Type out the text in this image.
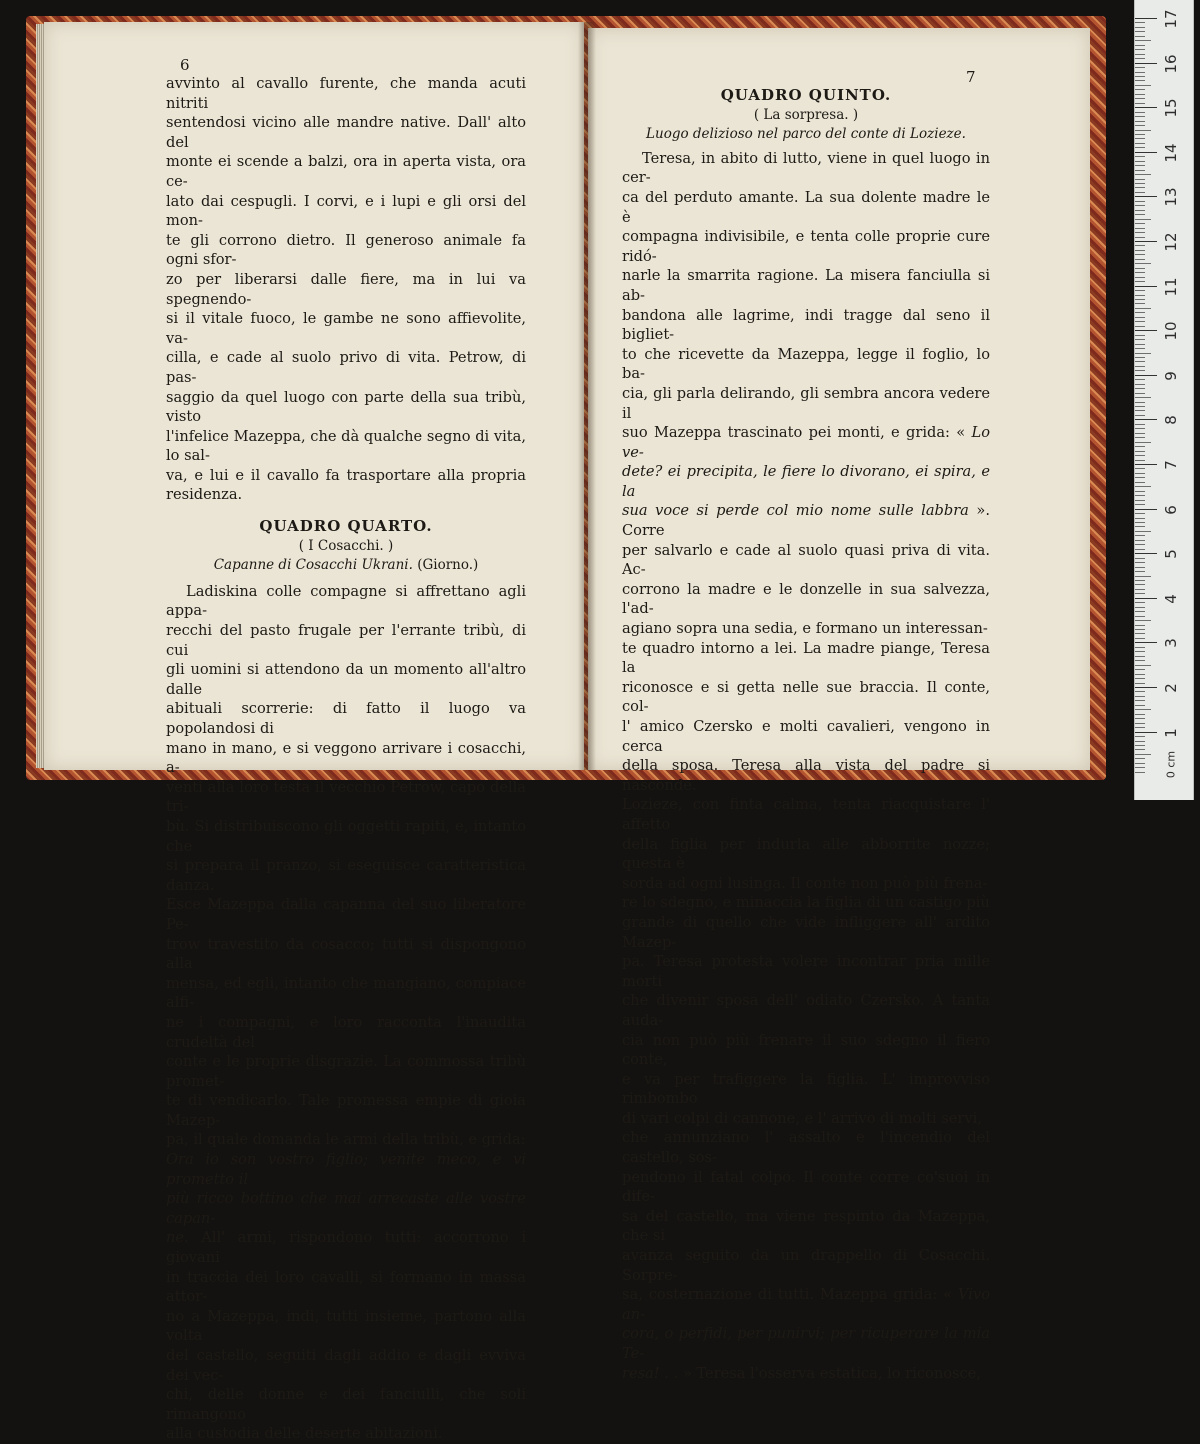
6

avvinto al cavallo furente, che manda acuti nitriti

sentendosi vicino alle mandre native. Dall' alto del

monte ei scende a balzi, ora in aperta vista, ora ce-

lato dai cespugli. I corvi, e i lupi e gli orsi del mon-

te gli corrono dietro. Il generoso animale fa ogni sfor-

zo per liberarsi dalle fiere, ma in lui va spegnendo-

si il vitale fuoco, le gambe ne sono affievolite, va-

cilla, e cade al suolo privo di vita. Petrow, di pas-

saggio da quel luogo con parte della sua tribù, visto

l'infelice Mazeppa, che dà qualche segno di vita, lo sal-

va, e lui e il cavallo fa trasportare alla propria residenza.

QUADRO QUARTO.

( I Cosacchi. )

Capanne di Cosacchi Ukrani. (Giorno.)

Ladiskina colle compagne si affrettano agli appa-

recchi del pasto frugale per l'errante tribù, di cui

gli uomini si attendono da un momento all'altro dalle

abituali scorrerie: di fatto il luogo va popolandosi di

mano in mano, e si veggono arrivare i cosacchi, a-

venti alla loro testa il vecchio Petrow, capo della tri-

bù. Si distribuiscono gli oggetti rapiti, e, intanto che

si prepara il pranzo, si eseguisce caratteristica danza.

Esce Mazeppa dalla capanna del suo liberatore Pe-

trow travestito da cosacco; tutti si dispongono alla

mensa, ed egli, intanto che mangiano, compiace alfi-

ne i compagni, e loro racconta l'inaudita crudeltà del

conte e le proprie disgrazie. La commossa tribù promet-

te di vendicarlo. Tale promessa empie di gioia Mazep-

pa, il quale domanda le armi della tribù, e grida:

Ora io son vostro figlio; venite meco, e vi prometto il

più ricco bottino che mai arrecaste alle vostre capan-

ne. All' armi, rispondono tutti: accorrono i giovani

in traccia dei loro cavalli, si formano in massa attor-

no a Mazeppa, indi, tutti insieme, partono alla volta

del castello, seguiti dagli addio e dagli evviva dei vec-

chi, delle donne e dei fanciulli, che soli rimangono

alla custodia delle deserte abitazioni.

7

QUADRO QUINTO.

( La sorpresa. )

Luogo delizioso nel parco del conte di Lozieze.

Teresa, in abito di lutto, viene in quel luogo in cer-

ca del perduto amante. La sua dolente madre le è

compagna indivisibile, e tenta colle proprie cure ridó-

narle la smarrita ragione. La misera fanciulla si ab-

bandona alle lagrime, indi tragge dal seno il bigliet-

to che ricevette da Mazeppa, legge il foglio, lo ba-

cia, gli parla delirando, gli sembra ancora vedere il

suo Mazeppa trascinato pei monti, e grida: « Lo ve-

dete? ei precipita, le fiere lo divorano, ei spira, e la

sua voce si perde col mio nome sulle labbra ». Corre

per salvarlo e cade al suolo quasi priva di vita. Ac-

corrono la madre e le donzelle in sua salvezza, l'ad-

agiano sopra una sedia, e formano un interessan-

te quadro intorno a lei. La madre piange, Teresa la

riconosce e si getta nelle sue braccia. Il conte, col-

l' amico Czersko e molti cavalieri, vengono in cerca

della sposa. Teresa alla vista del padre si nasconde.

Lozieze, con finta calma, tenta riacquistare l' affetto

della figlia per indurla alle abborrite nozze; questa è

sorda ad ogni lusinga. Il conte non può più frena-

re lo sdegno, e minaccia la figlia di un castigo più

grande di quello che vide infliggere all' ardito Mazep-

pa. Teresa protesta volere incontrar pria mille morti

che divenir sposa dell' odiato Czersko. A tanta auda-

cia non può più frenare il suo sdegno il fiero conte,

e va per trafiggere la figlia. L' improvviso rimbombo

di vari colpi di cannone, e l' arrivo di molti servi,

che annunziano l' assalto e l'incendio del castello, sos-

pendono il fatal colpo. Il conte corre co'suoi in dife-

sa del castello, ma viene respinto da Mazeppa, che si

avanza seguito da un drappello di Cosacchi. Sorpre-

sa, costernazione di tutti. Mazeppa grida: « Vivo an-

cora, o perfidi, per punirvi; per ricuperare la mia Te-

resa! . . » Teresa l'osserva estatica, lo riconosce,

0 cm
17
16
15
14
13
12
11
10
9
8
7
6
5
4
3
2
1
